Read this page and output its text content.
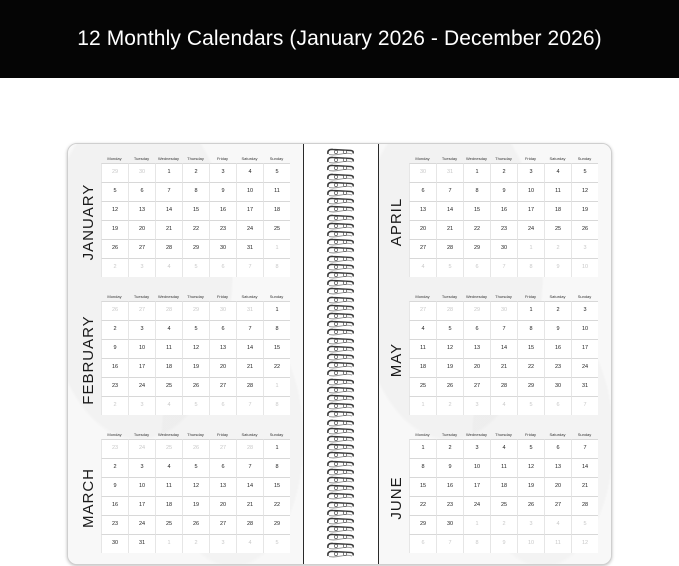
12 Monthly Calendars (January 2026 - December 2026)
JANUARY
Monday	Tuesday	Wednesday	Thursday	Friday	Saturday	Sunday
29	30	1	2	3	4	5
5	6	7	8	9	10	11
12	13	14	15	16	17	18
19	20	21	22	23	24	25
26	27	28	29	30	31	1
2	3	4	5	6	7	8
FEBRUARY
Monday	Tuesday	Wednesday	Thursday	Friday	Saturday	Sunday
26	27	28	29	30	31	1
2	3	4	5	6	7	8
9	10	11	12	13	14	15
16	17	18	19	20	21	22
23	24	25	26	27	28	1
2	3	4	5	6	7	8
MARCH
Monday	Tuesday	Wednesday	Thursday	Friday	Saturday	Sunday
23	24	25	26	27	28	1
2	3	4	5	6	7	8
9	10	11	12	13	14	15
16	17	18	19	20	21	22
23	24	25	26	27	28	29
30	31	1	2	3	4	5
APRIL
Monday	Tuesday	Wednesday	Thursday	Friday	Saturday	Sunday
30	31	1	2	3	4	5
6	7	8	9	10	11	12
13	14	15	16	17	18	19
20	21	22	23	24	25	26
27	28	29	30	1	2	3
4	5	6	7	8	9	10
MAY
Monday	Tuesday	Wednesday	Thursday	Friday	Saturday	Sunday
27	28	29	30	1	2	3
4	5	6	7	8	9	10
11	12	13	14	15	16	17
18	19	20	21	22	23	24
25	26	27	28	29	30	31
1	2	3	4	5	6	7
JUNE
Monday	Tuesday	Wednesday	Thursday	Friday	Saturday	Sunday
1	2	3	4	5	6	7
8	9	10	11	12	13	14
15	16	17	18	19	20	21
22	23	24	25	26	27	28
29	30	1	2	3	4	5
6	7	8	9	10	11	12
